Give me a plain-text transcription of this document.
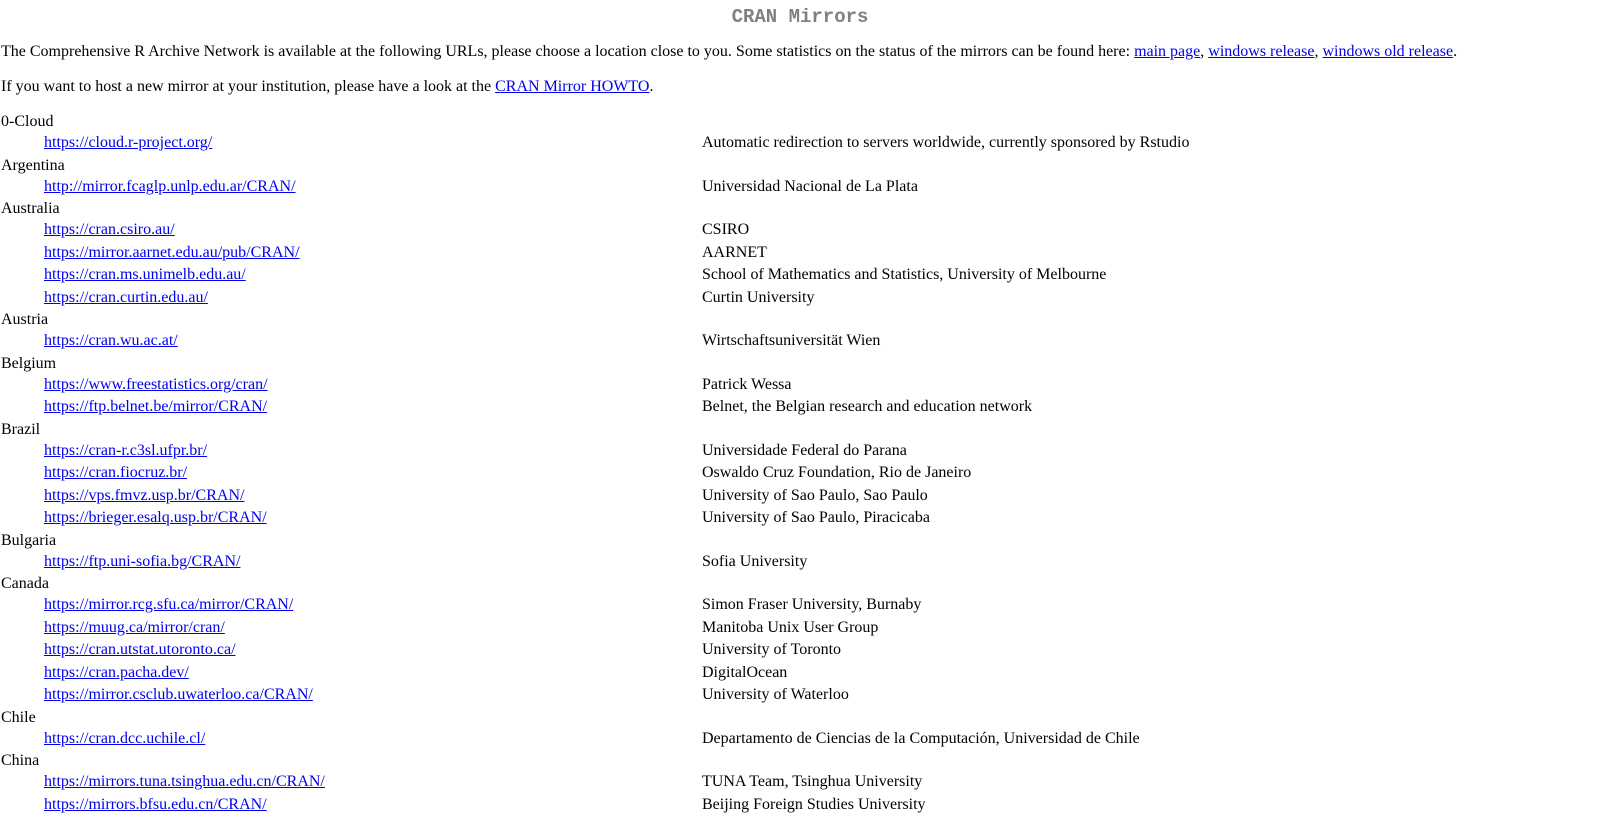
CRAN Mirrors

The Comprehensive R Archive Network is available at the following URLs, please choose a location close to you. Some statistics on the status of the mirrors can be found here: main page, windows release, windows old release.

If you want to host a new mirror at your institution, please have a look at the CRAN Mirror HOWTO.

0-Cloud
https://cloud.r-project.org/	Automatic redirection to servers worldwide, currently sponsored by Rstudio
Argentina
http://mirror.fcaglp.unlp.edu.ar/CRAN/	Universidad Nacional de La Plata
Australia
https://cran.csiro.au/	CSIRO
https://mirror.aarnet.edu.au/pub/CRAN/	AARNET
https://cran.ms.unimelb.edu.au/	School of Mathematics and Statistics, University of Melbourne
https://cran.curtin.edu.au/	Curtin University
Austria
https://cran.wu.ac.at/	Wirtschaftsuniversität Wien
Belgium
https://www.freestatistics.org/cran/	Patrick Wessa
https://ftp.belnet.be/mirror/CRAN/	Belnet, the Belgian research and education network
Brazil
https://cran-r.c3sl.ufpr.br/	Universidade Federal do Parana
https://cran.fiocruz.br/	Oswaldo Cruz Foundation, Rio de Janeiro
https://vps.fmvz.usp.br/CRAN/	University of Sao Paulo, Sao Paulo
https://brieger.esalq.usp.br/CRAN/	University of Sao Paulo, Piracicaba
Bulgaria
https://ftp.uni-sofia.bg/CRAN/	Sofia University
Canada
https://mirror.rcg.sfu.ca/mirror/CRAN/	Simon Fraser University, Burnaby
https://muug.ca/mirror/cran/	Manitoba Unix User Group
https://cran.utstat.utoronto.ca/	University of Toronto
https://cran.pacha.dev/	DigitalOcean
https://mirror.csclub.uwaterloo.ca/CRAN/	University of Waterloo
Chile
https://cran.dcc.uchile.cl/	Departamento de Ciencias de la Computación, Universidad de Chile
China
https://mirrors.tuna.tsinghua.edu.cn/CRAN/	TUNA Team, Tsinghua University
https://mirrors.bfsu.edu.cn/CRAN/	Beijing Foreign Studies University
